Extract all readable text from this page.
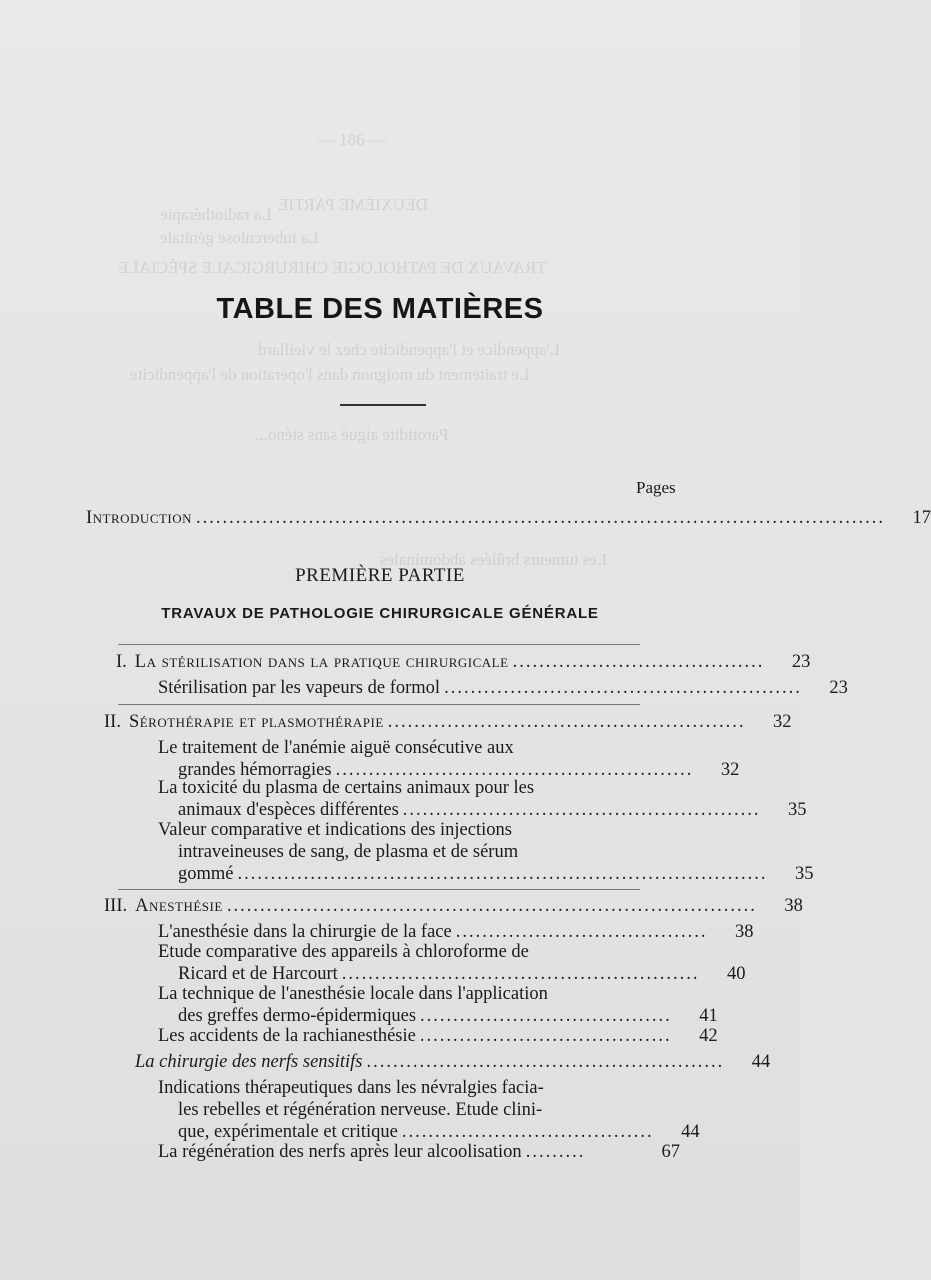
— 186 —
DEUXIÈME PARTIE
TRAVAUX DE PATHOLOGIE CHIRURGICALE SPÉCIALE
L'appendice et l'appendicite chez le vieillard
Le traitement du moignon dans l'opération de l'appendicite
Parotidite aiguë sans sténo...
Les tumeurs brûlées abdominales
La radiothérapie
La tuberculose génitale
TABLE DES MATIÈRES
Pages
Introduction ........................................................................................................	17
PREMIÈRE PARTIE
TRAVAUX DE PATHOLOGIE CHIRURGICALE GÉNÉRALE
I. La stérilisation dans la pratique chirurgicale ......................................	23
Stérilisation par les vapeurs de formol ......................................................	23
II. Sérothérapie et plasmothérapie ......................................................	32
Le traitement de l'anémie aiguë consécutive aux
grandes hémorragies ......................................................	32
La toxicité du plasma de certains animaux pour les
animaux d'espèces différentes ......................................................	35
Valeur comparative et indications des injections
intraveineuses de sang, de plasma et de sérum
gommé ................................................................................	35
III. Anesthésie ................................................................................	38
L'anesthésie dans la chirurgie de la face ......................................	38
Etude comparative des appareils à chloroforme de
Ricard et de Harcourt ......................................................	40
La technique de l'anesthésie locale dans l'application
des greffes dermo-épidermiques ......................................	41
Les accidents de la rachianesthésie ......................................	42
La chirurgie des nerfs sensitifs ......................................................	44
Indications thérapeutiques dans les névralgies facia-
les rebelles et régénération nerveuse. Etude clini-
que, expérimentale et critique ......................................	44
La régénération des nerfs après leur alcoolisation .........	67
